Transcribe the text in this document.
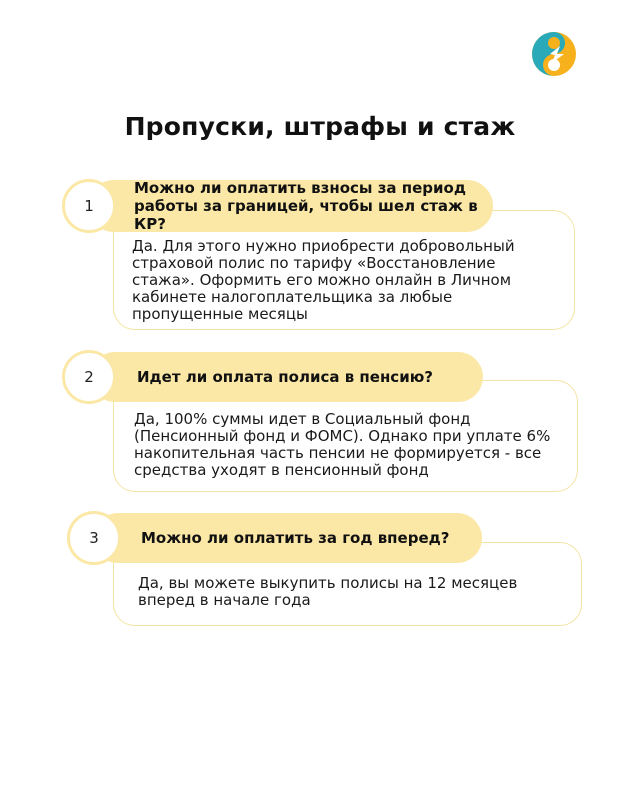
Пропуски, штрафы и стаж
Да. Для этого нужно приобрести добровольный страховой полис по тарифу «Восстановление стажа». Оформить его можно онлайн в Личном кабинете налогоплательщика за любые пропущенные месяцы
Можно ли оплатить взносы за период работы за границей, чтобы шел стаж в КР?
1
Да, 100% суммы идет в Социальный фонд (Пенсионный фонд и ФОМС). Однако при уплате 6% накопительная часть пенсии не формируется - все средства уходят в пенсионный фонд
Идет ли оплата полиса в пенсию?
2
Да, вы можете выкупить полисы на 12 месяцев вперед в начале года
Можно ли оплатить за год вперед?
3
